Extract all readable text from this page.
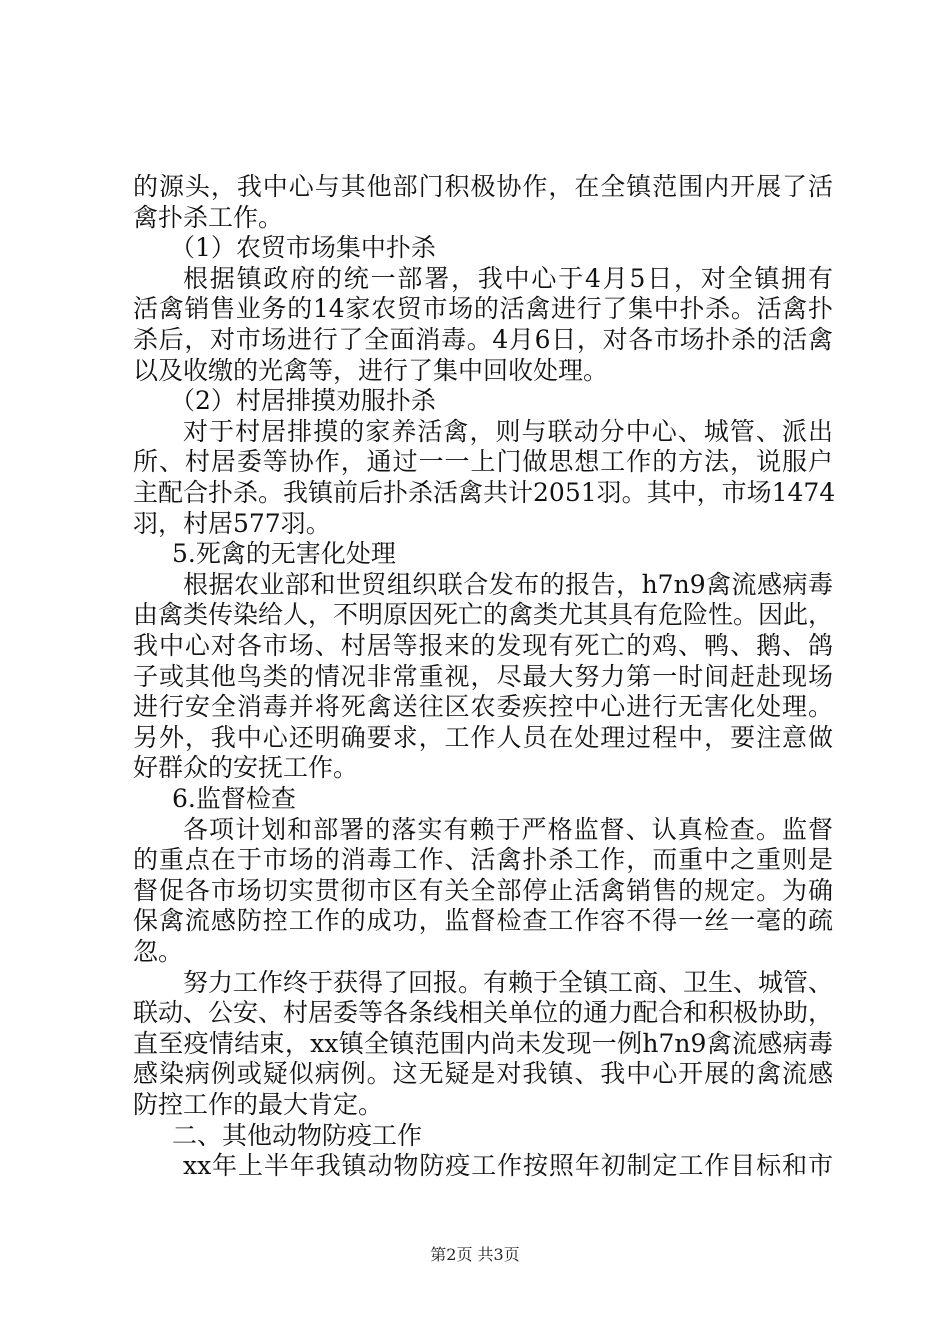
的源头，我中心与其他部门积极协作，在全镇范围内开展了活
禽扑杀工作。
（1）农贸市场集中扑杀
根据镇政府的统一部署，我中心于4月5日，对全镇拥有
活禽销售业务的14家农贸市场的活禽进行了集中扑杀。活禽扑
杀后，对市场进行了全面消毒。4月6日，对各市场扑杀的活禽
以及收缴的光禽等，进行了集中回收处理。
（2）村居排摸劝服扑杀
对于村居排摸的家养活禽，则与联动分中心、城管、派出
所、村居委等协作，通过一一上门做思想工作的方法，说服户
主配合扑杀。我镇前后扑杀活禽共计2051羽。其中，市场1474
羽，村居577羽。
5.死禽的无害化处理
根据农业部和世贸组织联合发布的报告，h7n9禽流感病毒
由禽类传染给人，不明原因死亡的禽类尤其具有危险性。因此，
我中心对各市场、村居等报来的发现有死亡的鸡、鸭、鹅、鸽
子或其他鸟类的情况非常重视，尽最大努力第一时间赶赴现场
进行安全消毒并将死禽送往区农委疾控中心进行无害化处理。
另外，我中心还明确要求，工作人员在处理过程中，要注意做
好群众的安抚工作。
6.监督检查
各项计划和部署的落实有赖于严格监督、认真检查。监督
的重点在于市场的消毒工作、活禽扑杀工作，而重中之重则是
督促各市场切实贯彻市区有关全部停止活禽销售的规定。为确
保禽流感防控工作的成功，监督检查工作容不得一丝一毫的疏
忽。
努力工作终于获得了回报。有赖于全镇工商、卫生、城管、
联动、公安、村居委等各条线相关单位的通力配合和积极协助，
直至疫情结束，xx镇全镇范围内尚未发现一例h7n9禽流感病毒
感染病例或疑似病例。这无疑是对我镇、我中心开展的禽流感
防控工作的最大肯定。
xx年上半年我镇动物防疫工作按照年初制定工作目标和市
二、其他动物防疫工作
第2页 共3页
